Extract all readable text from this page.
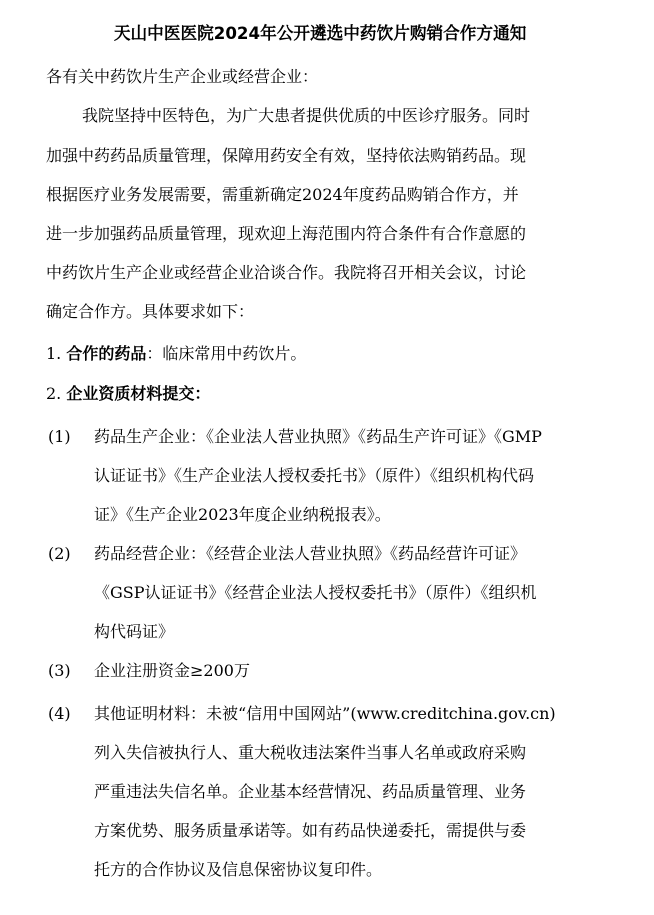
天山中医医院2024年公开遴选中药饮片购销合作方通知
各有关中药饮片生产企业或经营企业：
我院坚持中医特色，为广大患者提供优质的中医诊疗服务。同时
加强中药药品质量管理，保障用药安全有效，坚持依法购销药品。现
根据医疗业务发展需要，需重新确定2024年度药品购销合作方，并
进一步加强药品质量管理，现欢迎上海范围内符合条件有合作意愿的
中药饮片生产企业或经营企业洽谈合作。我院将召开相关会议，讨论
确定合作方。具体要求如下：
1. 合作的药品：临床常用中药饮片。
2. 企业资质材料提交：
(1) 药品生产企业：《企业法人营业执照》《药品生产许可证》《GMP
认证证书》《生产企业法人授权委托书》（原件）《组织机构代码
证》《生产企业2023年度企业纳税报表》。
(2) 药品经营企业：《经营企业法人营业执照》《药品经营许可证》
《GSP认证证书》《经营企业法人授权委托书》（原件）《组织机
构代码证》
(3) 企业注册资金≥200万
(4) 其他证明材料：未被“信用中国网站”(www.creditchina.gov.cn)
列入失信被执行人、重大税收违法案件当事人名单或政府采购
严重违法失信名单。企业基本经营情况、药品质量管理、业务
方案优势、服务质量承诺等。如有药品快递委托，需提供与委
托方的合作协议及信息保密协议复印件。
